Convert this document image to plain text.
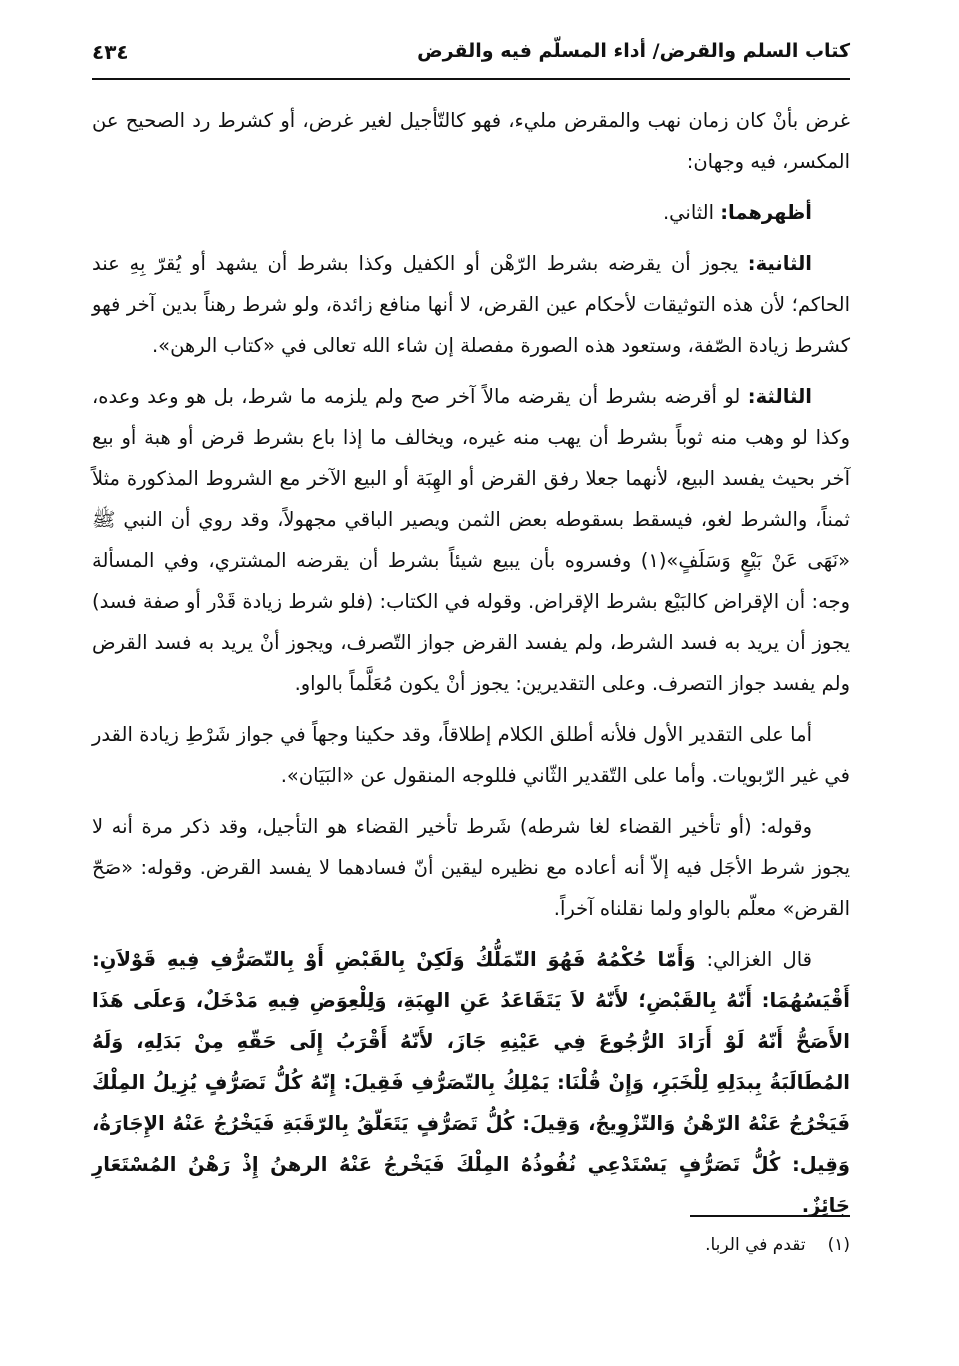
كتاب السلم والقرض/ أداء المسلّم فيه والقرض
٤٣٤

غرض بأنْ كان زمان نهب والمقرض مليء، فهو كالتّأجيل لغير غرض، أو كشرط رد الصحيح عن المكسر، فيه وجهان:

أظهرهما: الثاني.

الثانية: يجوز أن يقرضه بشرط الرّهْن أو الكفيل وكذا بشرط أن يشهد أو يُقرّ بِهِ عند الحاكم؛ لأن هذه التوثيقات لأحكام عين القرض، لا أنها منافع زائدة، ولو شرط رهناً بدين آخر فهو كشرط زيادة الصّفة، وستعود هذه الصورة مفصلة إن شاء الله تعالى في «كتاب الرهن».

الثالثة: لو أقرضه بشرط أن يقرضه مالاً آخر صح ولم يلزمه ما شرط، بل هو وعد وعده، وكذا لو وهب منه ثوباً بشرط أن يهب منه غيره، ويخالف ما إذا باع بشرط قرض أو هبة أو بيع آخر بحيث يفسد البيع، لأنهما جعلا رفق القرض أو الهِبَة أو البيع الآخر مع الشروط المذكورة مثلاً ثمناً، والشرط لغو، فيسقط بسقوطه بعض الثمن ويصير الباقي مجهولاً، وقد روي أن النبي ﷺ «نَهَى عَنْ بَيْعٍ وَسَلَفٍ»(١) وفسروه بأن يبيع شيئاً بشرط أن يقرضه المشتري، وفي المسألة وجه: أن الإقراض كالبَيْع بشرط الإقراض. وقوله في الكتاب: (فلو شرط زيادة قَدْر أو صفة فسد) يجوز أن يريد به فسد الشرط، ولم يفسد القرض جواز التّصرف، ويجوز أنْ يريد به فسد القرض ولم يفسد جواز التصرف. وعلى التقديرين: يجوز أنْ يكون مُعَلَّماً بالواو.

أما على التقدير الأول فلأنه أطلق الكلام إطلاقاً، وقد حكينا وجهاً في جواز شَرْطِ زيادة القدر في غير الرّبويات. وأما على التّقدير الثّاني فللوجه المنقول عن «البَيَان».

وقوله: (أو تأخير القضاء لغا شرطه) شَرط تأخير القضاء هو التأجيل، وقد ذكر مرة أنه لا يجوز شرط الأجَل فيه إلاّ أنه أعاده مع نظيره ليقين أنّ فسادهما لا يفسد القرض. وقوله: «صَحّ القرض» معلّم بالواو ولما نقلناه آخراً.

قال الغزالي: وَأَمّا حُكْمُهُ فَهُوَ التّمَلُّكُ وَلَكِنْ بِالقَبْضِ أَوْ بِالتّصَرُّفِ فِيهِ قَوْلاَنِ: أَقْيَسُهُمَا: أَنّهُ بِالقَبْضِ؛ لأَنّهُ لاَ يَتَقَاعَدُ عَنِ الهِبَةِ، وَلِلْعِوَضِ فِيهِ مَدْخَلٌ، وَعلَى هَذَا الأَصَحُّ أَنّهُ لَوْ أَرَادَ الرُّجُوعَ فِي عَيْنِهِ جَازَ، لأَنّهُ أَقْرَبُ إِلَى حَقّهِ مِنْ بَدَلِهِ، وَلَهُ المُطَالَبَةُ بِبدَلِهِ لِلْخَبَرِ، وَإِنْ قُلْنَا: يَمْلِكُ بِالتّصَرُّفِ فَقِيلَ: إِنّهُ كُلُّ تَصَرُّفٍ يُزِيلُ المِلْكَ فَيَخْرُجُ عَنْهُ الرّهْنُ وَالتّزْوِيجُ، وَقِيلَ: كُلُّ تَصَرُّفٍ يَتَعَلّقُ بِالرّقَبَةِ فَيَخْرُجُ عَنْهُ الإِجَارَةُ، وَقِيل: كُلُّ تَصَرُّفٍ يَسْتَدْعِي نُفُوذُهُ المِلْكَ فَيَخْرجُ عَنْهُ الرهنُ إِذْ رَهْنُ المُسْتَعَارِ جَائِزٌ.

(١)تقدم في الربا.
